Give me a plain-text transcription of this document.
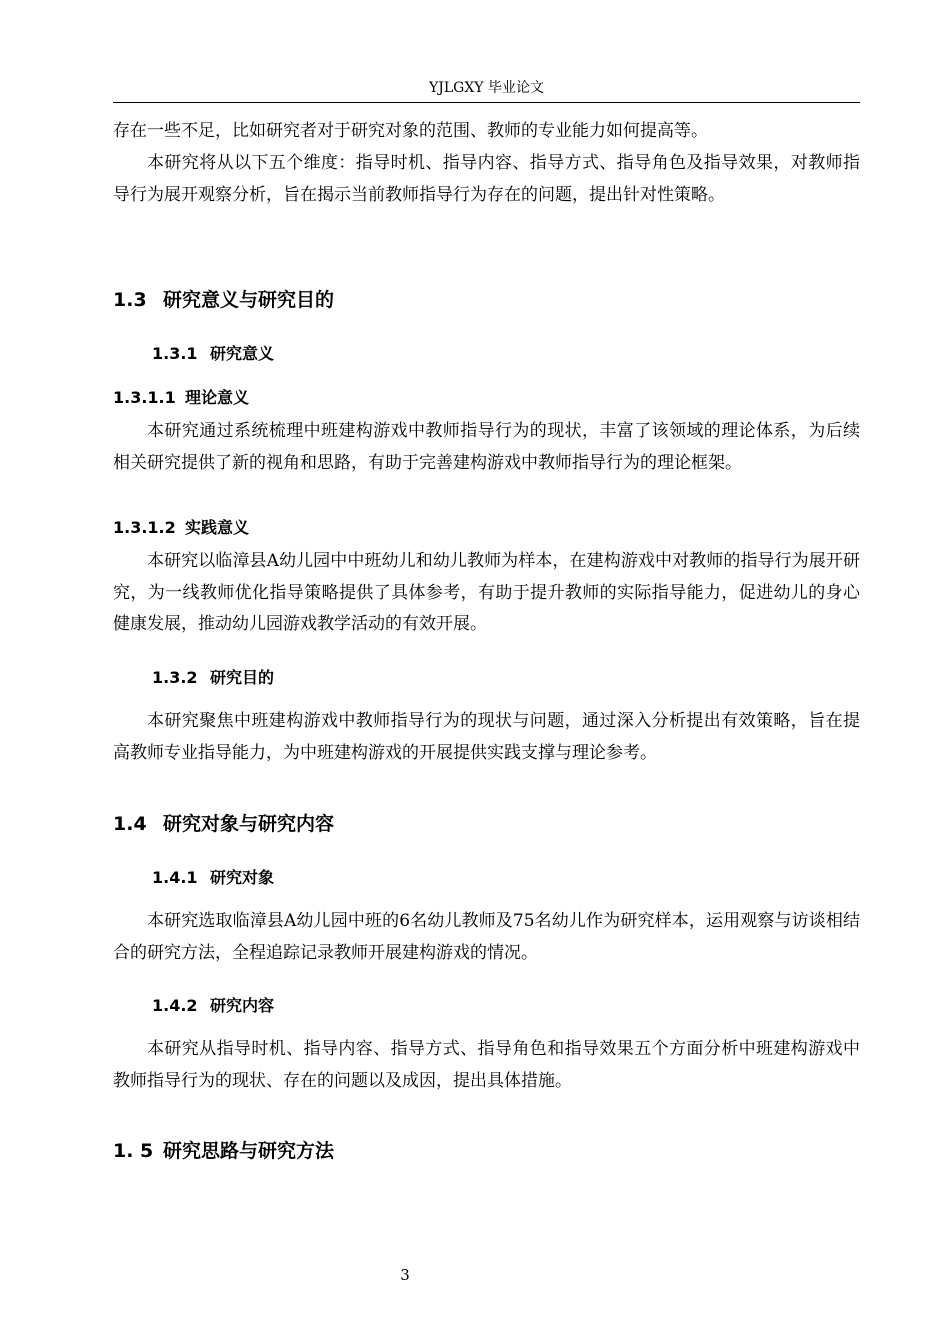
YJLGXY 毕业论文

存在一些不足，比如研究者对于研究对象的范围、教师的专业能力如何提高等。

本研究将从以下五个维度：指导时机、指导内容、指导方式、指导角色及指导效果，对教师指导行为展开观察分析，旨在揭示当前教师指导行为存在的问题，提出针对性策略。

1.3 研究意义与研究目的
1.3.1 研究意义
1.3.1.1 理论意义

本研究通过系统梳理中班建构游戏中教师指导行为的现状，丰富了该领域的理论体系，为后续相关研究提供了新的视角和思路，有助于完善建构游戏中教师指导行为的理论框架。

1.3.1.2 实践意义

本研究以临漳县A幼儿园中中班幼儿和幼儿教师为样本，在建构游戏中对教师的指导行为展开研究，为一线教师优化指导策略提供了具体参考，有助于提升教师的实际指导能力，促进幼儿的身心健康发展，推动幼儿园游戏教学活动的有效开展。

1.3.2 研究目的

本研究聚焦中班建构游戏中教师指导行为的现状与问题，通过深入分析提出有效策略，旨在提高教师专业指导能力，为中班建构游戏的开展提供实践支撑与理论参考。

1.4 研究对象与研究内容
1.4.1 研究对象

本研究选取临漳县A幼儿园中班的6名幼儿教师及75名幼儿作为研究样本，运用观察与访谈相结合的研究方法，全程追踪记录教师开展建构游戏的情况。

1.4.2 研究内容

本研究从指导时机、指导内容、指导方式、指导角色和指导效果五个方面分析中班建构游戏中教师指导行为的现状、存在的问题以及成因，提出具体措施。

1. 5 研究思路与研究方法
3
